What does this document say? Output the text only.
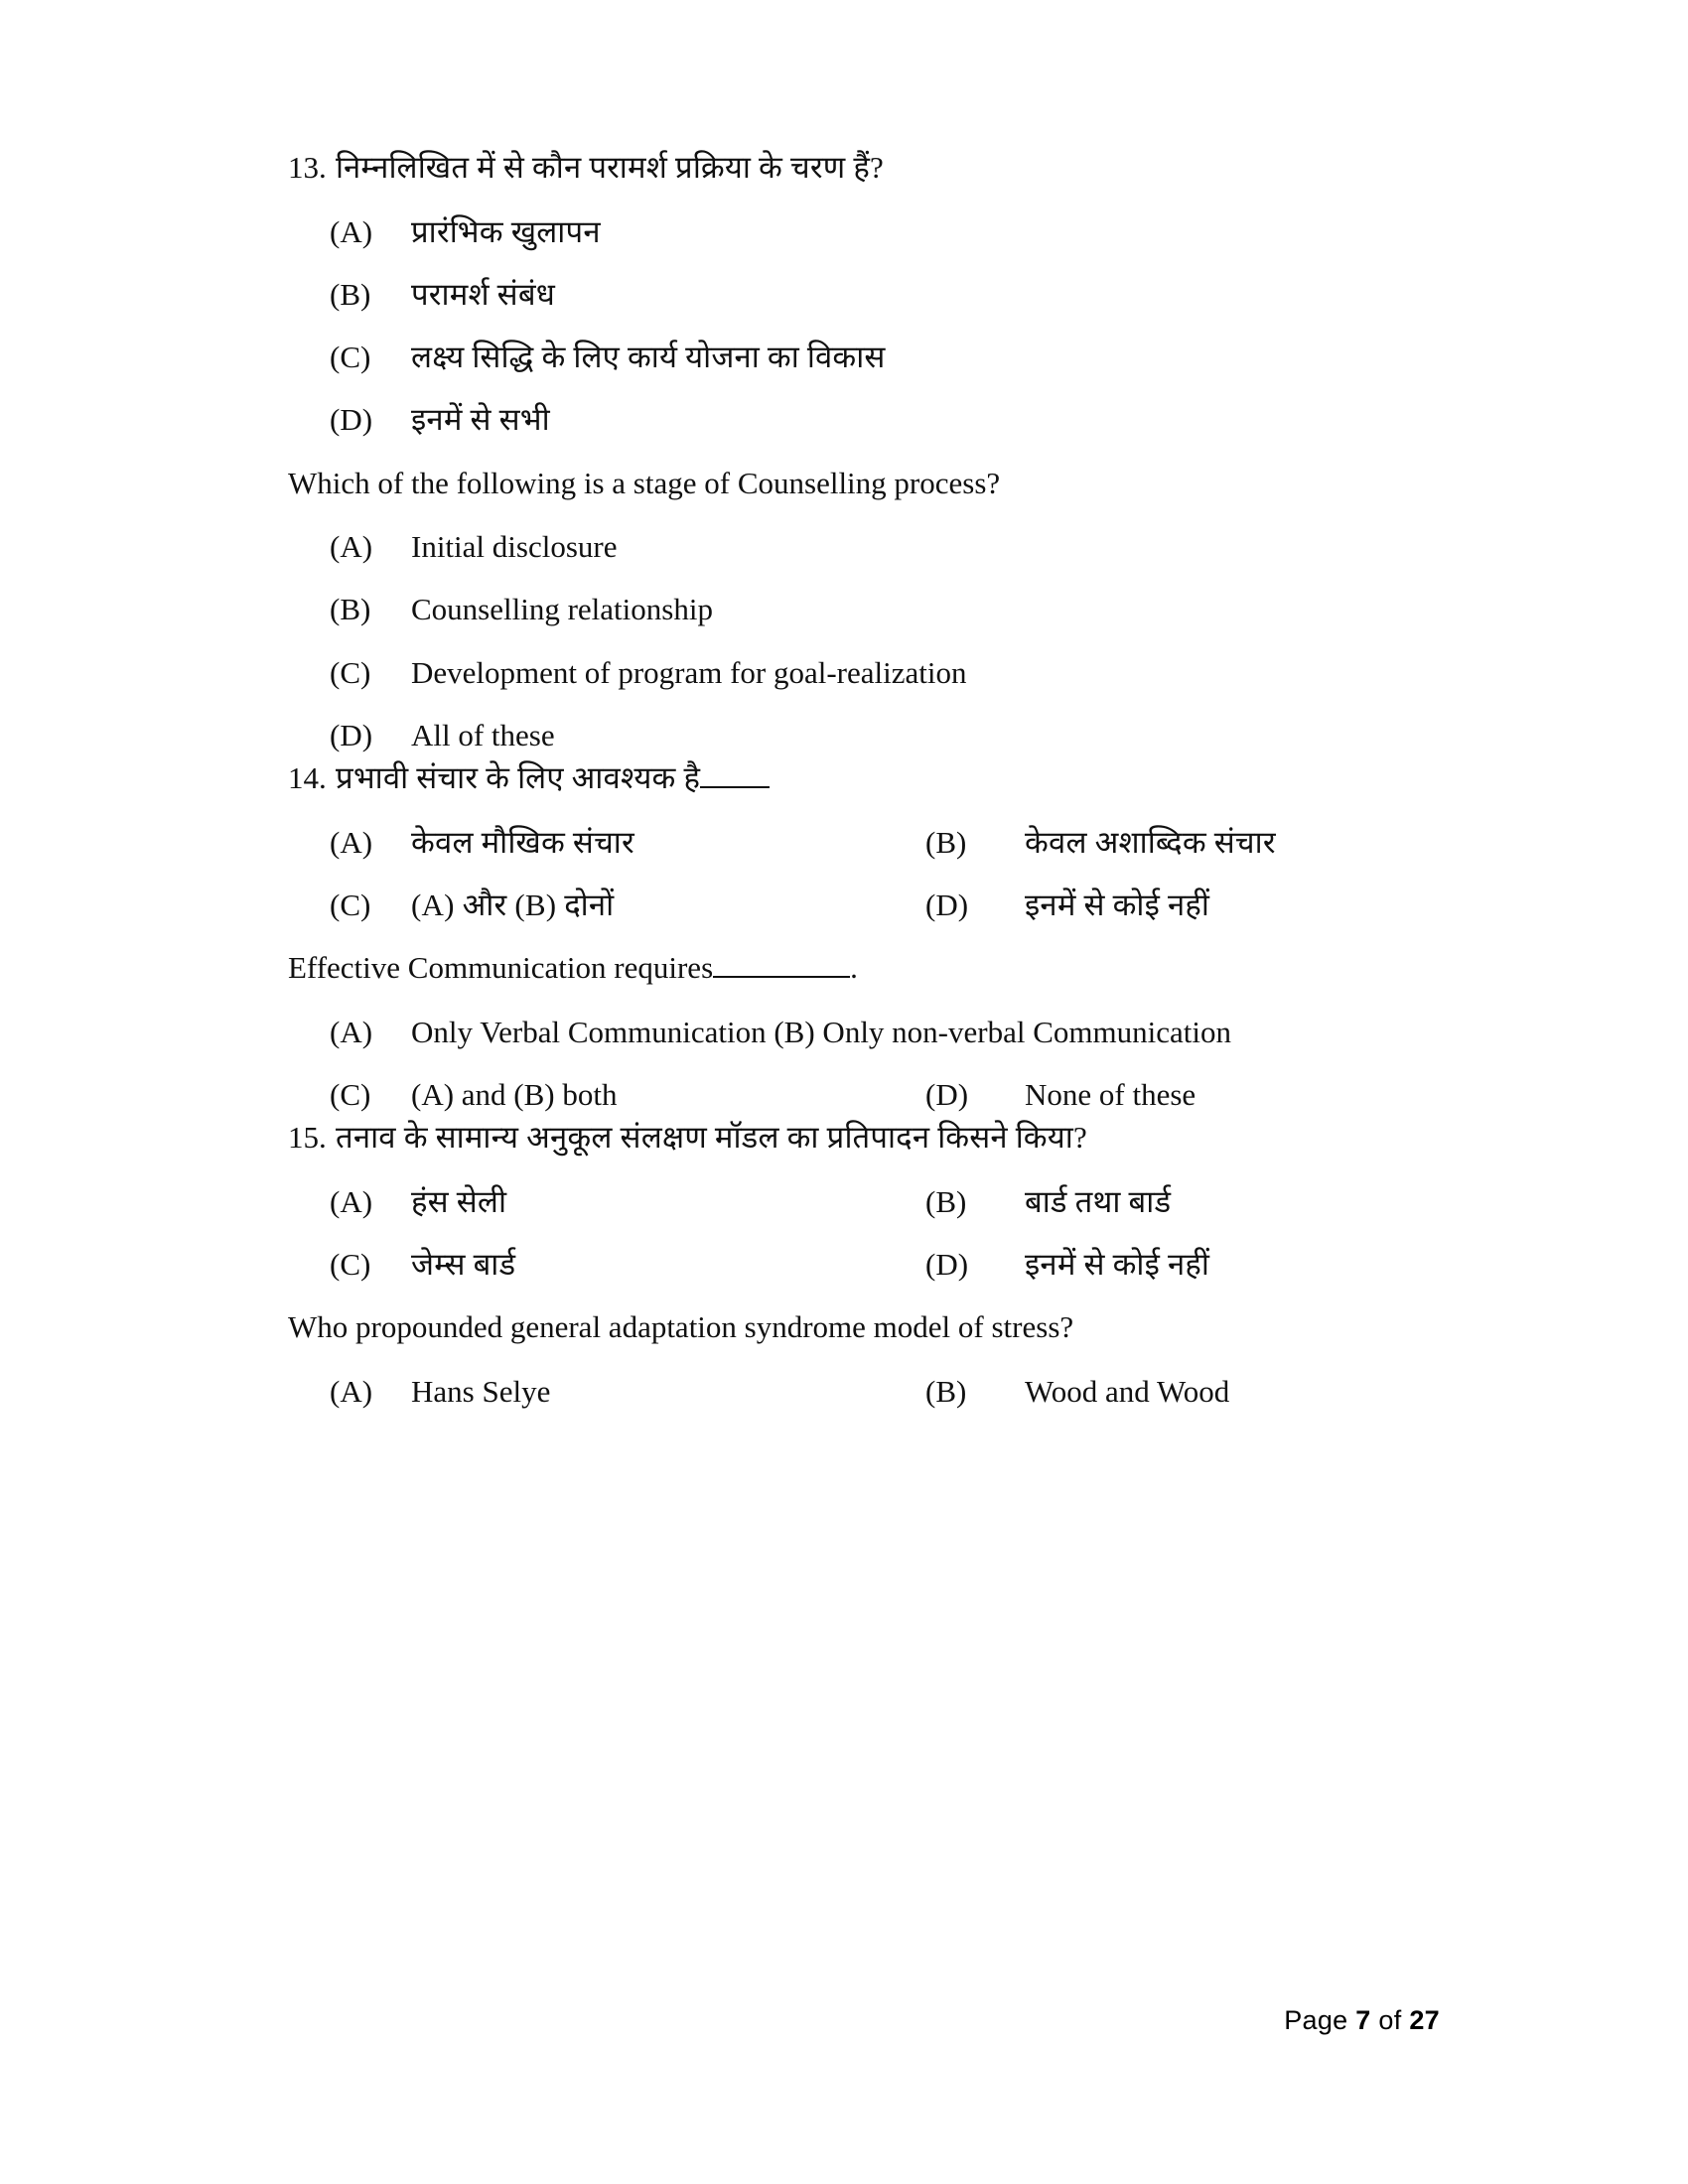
13. निम्नलिखित में से कौन परामर्श प्रक्रिया के चरण हैं?
(A)	प्रारंभिक खुलापन
(B)	परामर्श संबंध
(C)	लक्ष्य सिद्धि के लिए कार्य योजना का विकास
(D)	इनमें से सभी
Which of the following is a stage of Counselling process?
(A)	Initial disclosure
(B)	Counselling relationship
(C)	Development of program for goal-realization
(D)	All of these
14. प्रभावी संचार के लिए आवश्यक है
(A)	केवल मौखिक संचार	(B)	केवल अशाब्दिक संचार
(C)	(A) और (B) दोनों	(D)	इनमें से कोई नहीं
Effective Communication requires	.
(A)	Only Verbal Communication (B) Only non-verbal Communication
(C)	(A) and (B) both	(D)	None of these
15. तनाव के सामान्य अनुकूल संलक्षण मॉडल का प्रतिपादन किसने किया?
(A)	हंस सेली	(B)	बार्ड तथा बार्ड
(C)	जेम्स बार्ड	(D)	इनमें से कोई नहीं
Who propounded general adaptation syndrome model of stress?
(A)	Hans Selye	(B)	Wood and Wood
Page 7 of 27
